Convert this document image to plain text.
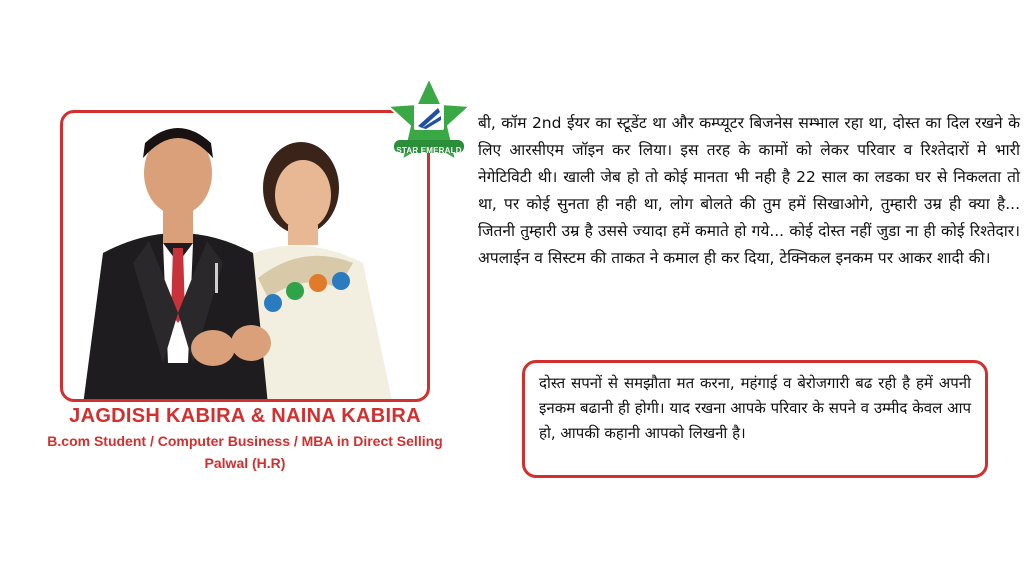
STAR EMERALD
JAGDISH KABIRA & NAINA KABIRA
B.com Student / Computer Business / MBA in Direct Selling
Palwal (H.R)

बी, कॉम 2nd ईयर का स्टूडेंट था और कम्प्यूटर बिजनेस सम्भाल रहा था, दोस्त का दिल रखने के लिए आरसीएम जॉइन कर लिया। इस तरह के कामों को लेकर परिवार व रिश्तेदारों मे भारी नेगेटिविटी थी। खाली जेब हो तो कोई मानता भी नही है 22 साल का लडका घर से निकलता तो था, पर कोई सुनता ही नही था, लोग बोलते की तुम हमें सिखाओगे, तुम्हारी उम्र ही क्या है... जितनी तुम्हारी उम्र है उससे ज्यादा हमें कमाते हो गये... कोई दोस्त नहीं जुडा ना ही कोई रिश्तेदार। अपलाईन व सिस्टम की ताकत ने कमाल ही कर दिया, टेक्निकल इनकम पर आकर शादी की।

दोस्त सपनों से समझौता मत करना, महंगाई व बेरोजगारी बढ रही है हमें अपनी इनकम बढानी ही होगी। याद रखना आपके परिवार के सपने व उम्मीद केवल आप हो, आपकी कहानी आपको लिखनी है।
